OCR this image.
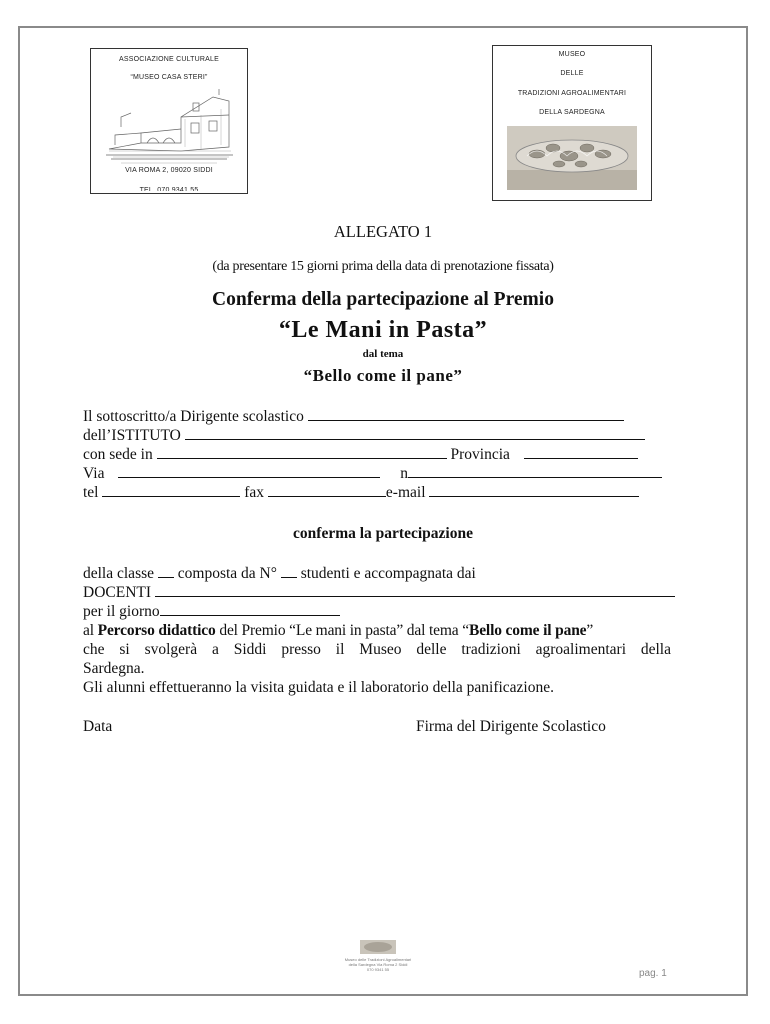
ASSOCIAZIONE CULTURALE
“MUSEO CASA STERI”
VIA ROMA 2, 09020 SIDDI
TEL. 070 9341 55
MUSEO
DELLE
TRADIZIONI AGROALIMENTARI
DELLA SARDEGNA
ALLEGATO 1
(da presentare 15 giorni prima della data di prenotazione fissata)
Conferma della partecipazione al Premio
“Le Mani in Pasta”
dal tema
“Bello come il pane”
Il sottoscritto/a Dirigente scolastico
dell’ISTITUTO
con sede in	Provincia
Via	n
tel	fax	e-mail
conferma la partecipazione
della classe composta da N° studenti e accompagnata dai
DOCENTI
per il giorno
al Percorso didattico del Premio “Le mani in pasta” dal tema “Bello come il pane”
che si svolgerà a Siddi presso il Museo delle tradizioni agroalimentari della
Sardegna.
Gli alunni effettueranno la visita guidata e il laboratorio della panificazione.
Data	Firma del Dirigente Scolastico
Museo delle Tradizioni Agroalimentari
della Sardegna Via Roma 2 Siddi
070 9341 55	pag. 1
